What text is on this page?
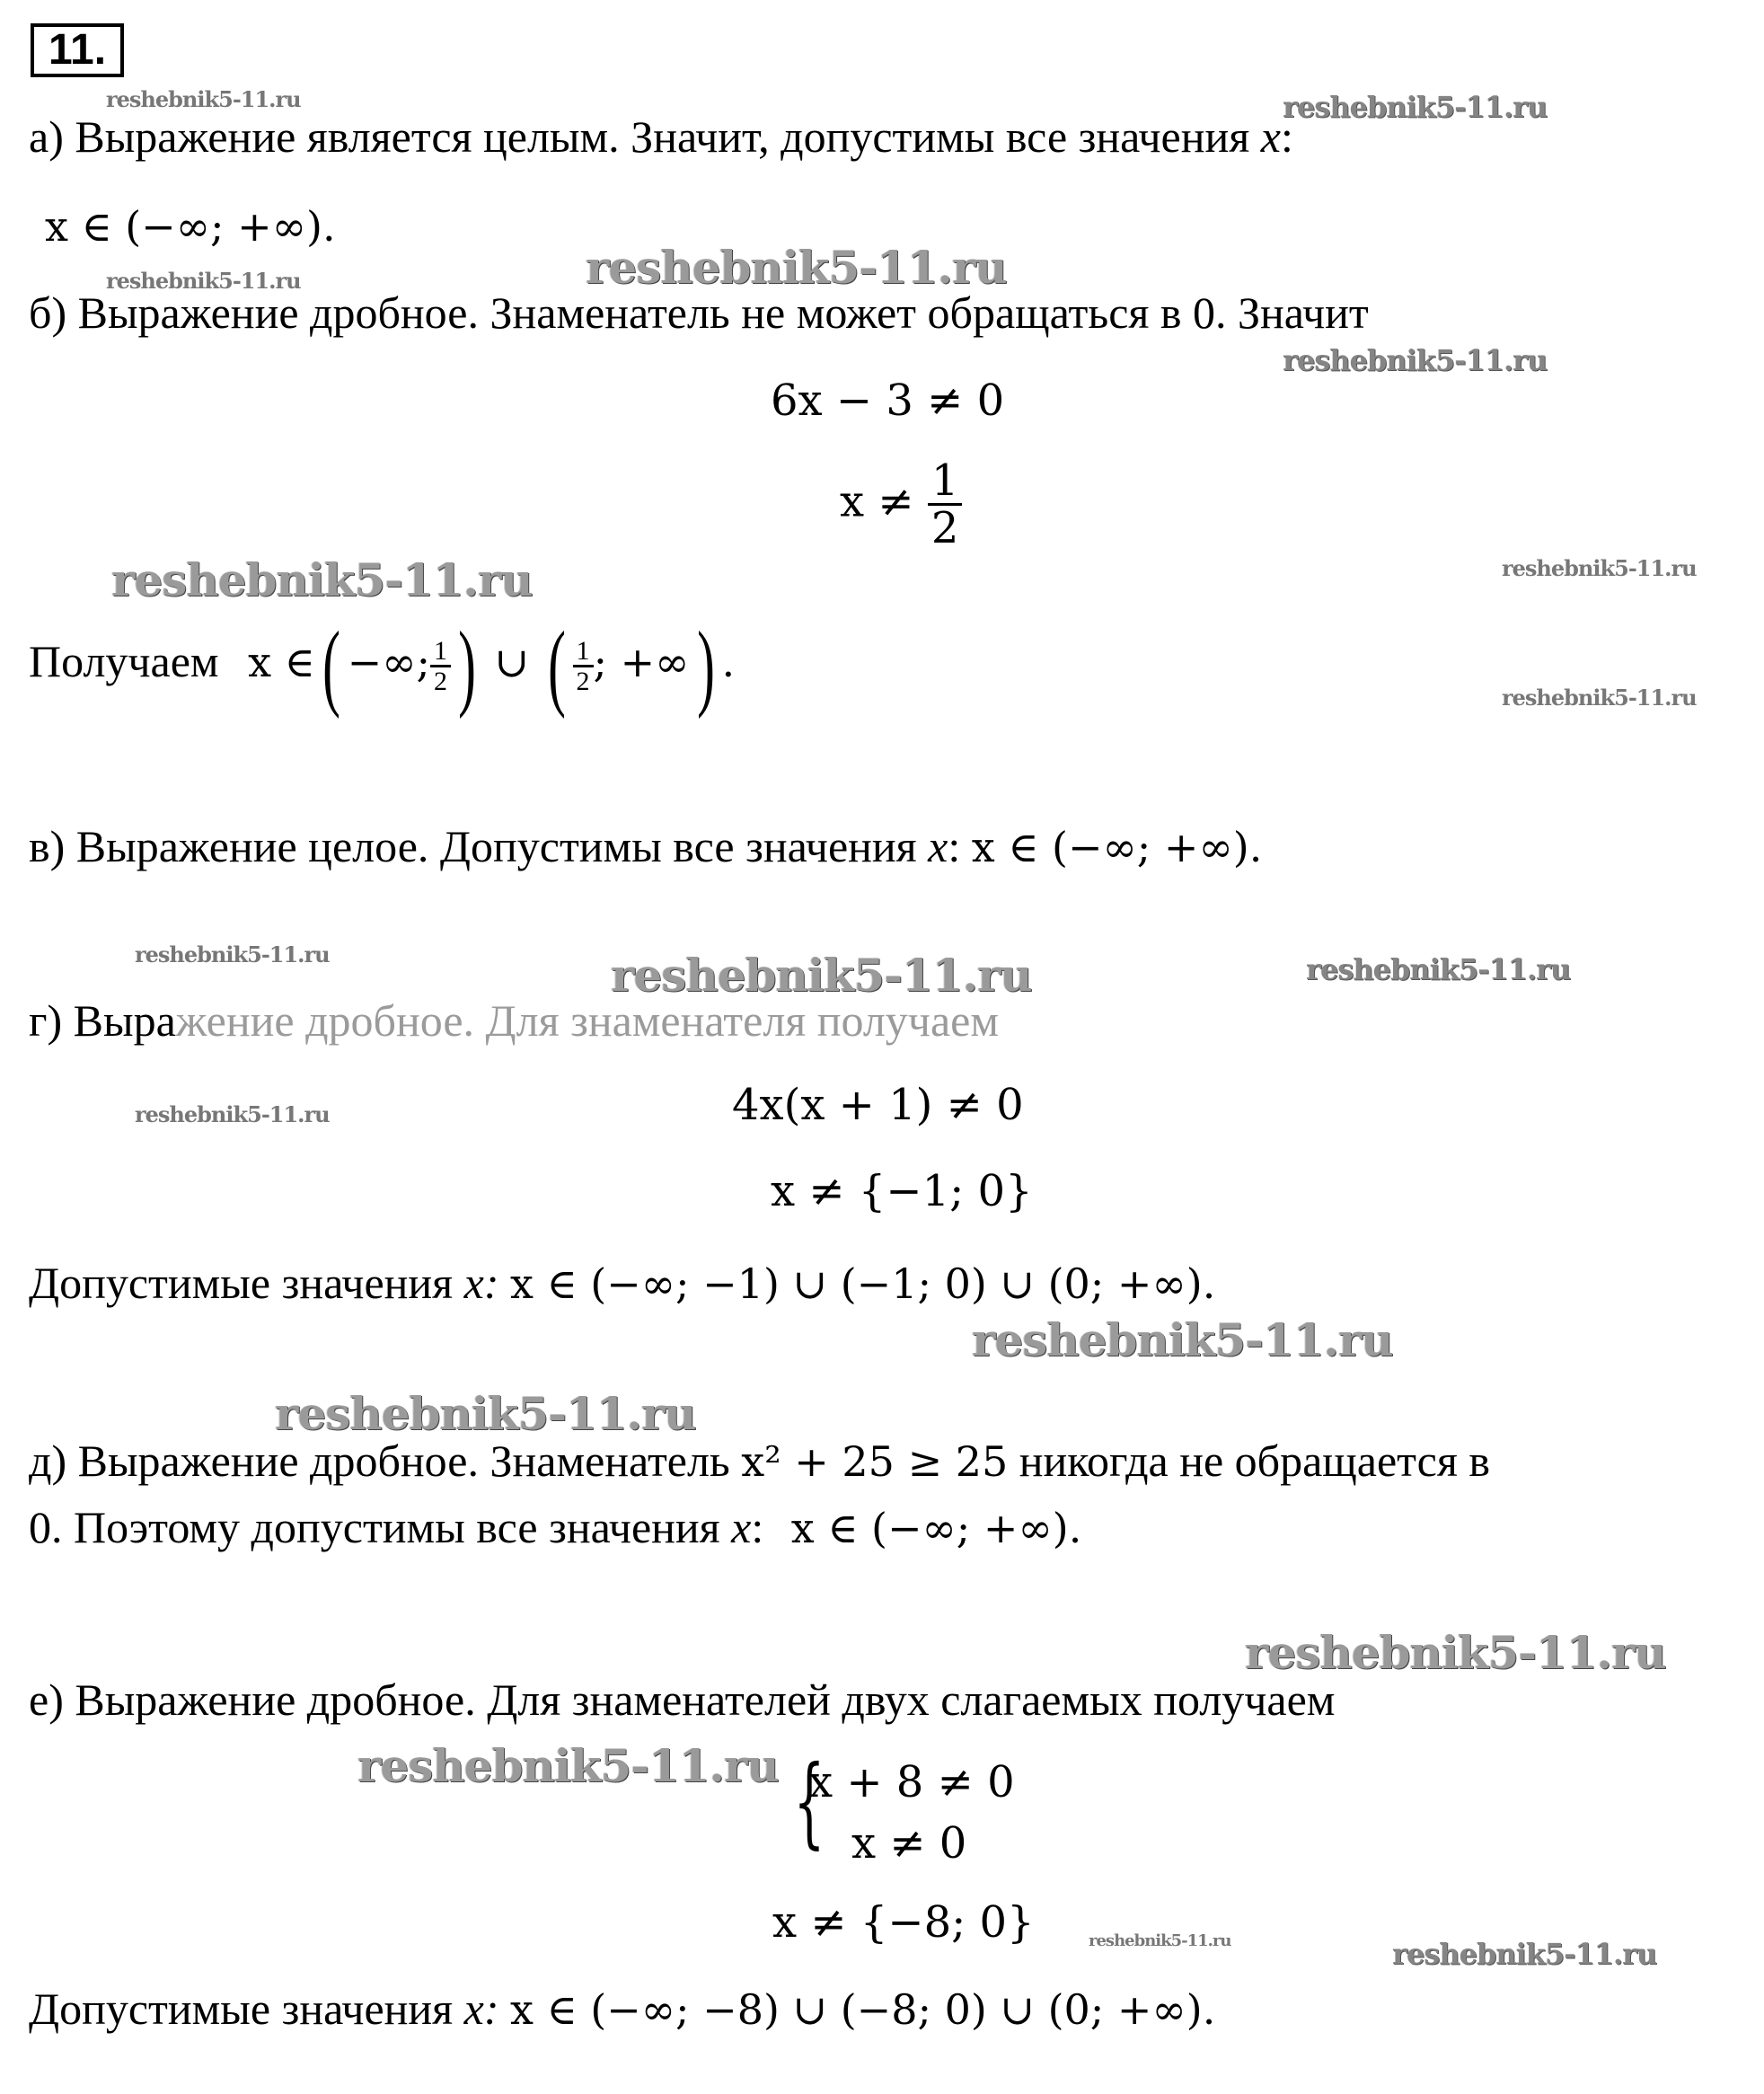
11.
reshebnik5-11.ru	reshebnik5-11.ru
reshebnik5-11.ru
reshebnik5-11.ru
reshebnik5-11.ru
reshebnik5-11.ru	reshebnik5-11.ru
reshebnik5-11.ru
reshebnik5-11.ru	reshebnik5-11.ru	reshebnik5-11.ru
reshebnik5-11.ru
reshebnik5-11.ru
reshebnik5-11.ru
reshebnik5-11.ru
reshebnik5-11.ru
reshebnik5-11.ru	reshebnik5-11.ru
а) Выражение является целым. Значит, допустимы все значения x:
x ∈ (−∞; +∞).
б) Выражение дробное. Знаменатель не может обращаться в 0. Значит
6x − 3 ≠ 0
$x \ne \frac{1}{2}$
Получаем x ∈( −∞; $\frac{1}{2}$ ) ∪ ( $\frac{1}{2}$ ; +∞) .
в) Выражение целое. Допустимы все значения x: x ∈ (−∞; +∞).
г) Выражение дробное. Для знаменателя получаем
4x(x + 1) ≠ 0
x ≠ {−1; 0}
Допустимые значения x: x ∈ (−∞; −1) ∪ (−1; 0) ∪ (0; +∞).
д) Выражение дробное. Знаменатель x² + 25 ≥ 25 никогда не обращается в
0. Поэтому допустимы все значения x: x ∈ (−∞; +∞).
е) Выражение дробное. Для знаменателей двух слагаемых получаем
{
x + 8 ≠ 0
x ≠ 0
x ≠ {−8; 0}
Допустимые значения x: x ∈ (−∞; −8) ∪ (−8; 0) ∪ (0; +∞).
